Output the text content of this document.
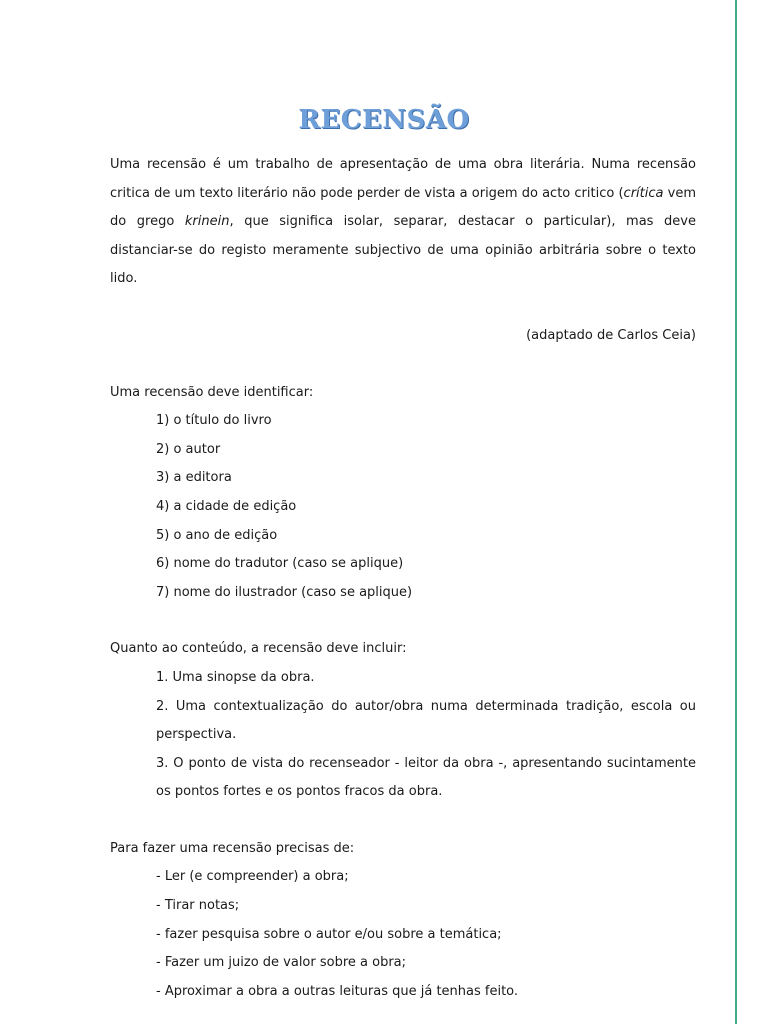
RECENSÃO

Uma recensão é um trabalho de apresentação de uma obra literária. Numa recensão critica de um texto literário não pode perder de vista a origem do acto critico (crítica vem do grego krinein, que significa isolar, separar, destacar o particular), mas deve distanciar-se do registo meramente subjectivo de uma opinião arbitrária sobre o texto lido.

(adaptado de Carlos Ceia)

Uma recensão deve identificar:

1) o título do livro

2) o autor

3) a editora

4) a cidade de edição

5) o ano de edição

6) nome do tradutor (caso se aplique)

7) nome do ilustrador (caso se aplique)

Quanto ao conteúdo, a recensão deve incluir:

1. Uma sinopse da obra.

2. Uma contextualização do autor/obra numa determinada tradição, escola ou perspectiva.

3. O ponto de vista do recenseador - leitor da obra -, apresentando sucintamente os pontos fortes e os pontos fracos da obra.

Para fazer uma recensão precisas de:

- Ler (e compreender) a obra;

- Tirar notas;

- fazer pesquisa sobre o autor e/ou sobre a temática;

- Fazer um juizo de valor sobre a obra;

- Aproximar a obra a outras leituras que já tenhas feito.
